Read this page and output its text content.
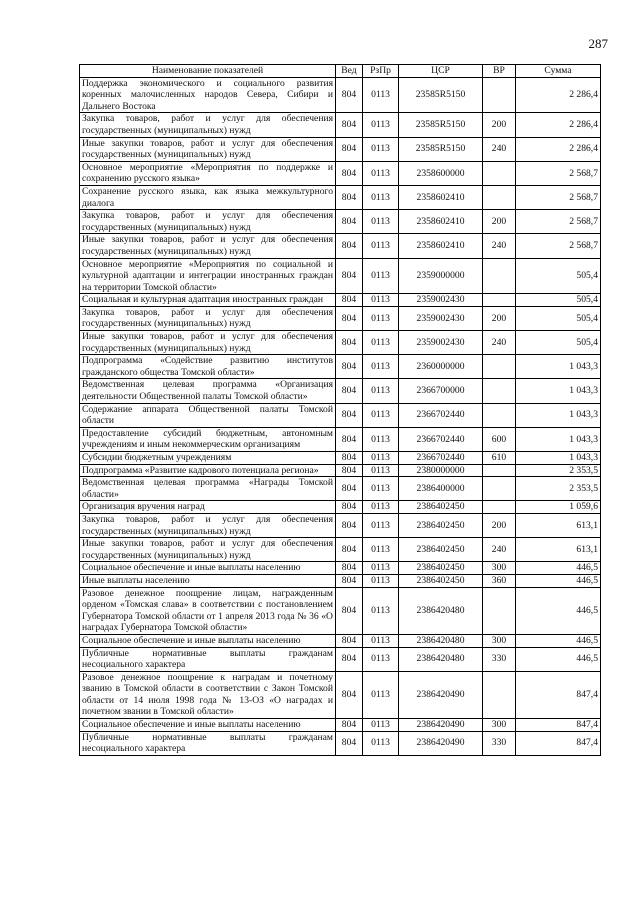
287
Наименование показателей	Вед	РзПр	ЦСР	ВР	Сумма
Поддержка экономического и социального развития коренных малочисленных народов Севера, Сибири и Дальнего Востока	804	0113	23585R5150		2 286,4
Закупка товаров, работ и услуг для обеспечения государственных (муниципальных) нужд	804	0113	23585R5150	200	2 286,4
Иные закупки товаров, работ и услуг для обеспечения государственных (муниципальных) нужд	804	0113	23585R5150	240	2 286,4
Основное мероприятие «Мероприятия по поддержке и сохранению русского языка»	804	0113	2358600000		2 568,7
Сохранение русского языка, как языка межкультурного диалога	804	0113	2358602410		2 568,7
Закупка товаров, работ и услуг для обеспечения государственных (муниципальных) нужд	804	0113	2358602410	200	2 568,7
Иные закупки товаров, работ и услуг для обеспечения государственных (муниципальных) нужд	804	0113	2358602410	240	2 568,7
Основное мероприятие «Мероприятия по социальной и культурной адаптации и интеграции иностранных граждан на территории Томской области»	804	0113	2359000000		505,4
Социальная и культурная адаптация иностранных граждан	804	0113	2359002430		505,4
Закупка товаров, работ и услуг для обеспечения государственных (муниципальных) нужд	804	0113	2359002430	200	505,4
Иные закупки товаров, работ и услуг для обеспечения государственных (муниципальных) нужд	804	0113	2359002430	240	505,4
Подпрограмма «Содействие развитию институтов гражданского общества Томской области»	804	0113	2360000000		1 043,3
Ведомственная целевая программа «Организация деятельности Общественной палаты Томской области»	804	0113	2366700000		1 043,3
Содержание аппарата Общественной палаты Томской области	804	0113	2366702440		1 043,3
Предоставление субсидий бюджетным, автономным учреждениям и иным некоммерческим организациям	804	0113	2366702440	600	1 043,3
Субсидии бюджетным учреждениям	804	0113	2366702440	610	1 043,3
Подпрограмма «Развитие кадрового потенциала региона»	804	0113	2380000000		2 353,5
Ведомственная целевая программа «Награды Томской области»	804	0113	2386400000		2 353,5
Организация вручения наград	804	0113	2386402450		1 059,6
Закупка товаров, работ и услуг для обеспечения государственных (муниципальных) нужд	804	0113	2386402450	200	613,1
Иные закупки товаров, работ и услуг для обеспечения государственных (муниципальных) нужд	804	0113	2386402450	240	613,1
Социальное обеспечение и иные выплаты населению	804	0113	2386402450	300	446,5
Иные выплаты населению	804	0113	2386402450	360	446,5
Разовое денежное поощрение лицам, награжденным орденом «Томская слава» в соответствии с постановлением Губернатора Томской области от 1 апреля 2013 года № 36 «О наградах Губернатора Томской области»	804	0113	2386420480		446,5
Социальное обеспечение и иные выплаты населению	804	0113	2386420480	300	446,5
Публичные нормативные выплаты гражданам несоциального характера	804	0113	2386420480	330	446,5
Разовое денежное поощрение к наградам и почетному званию в Томской области в соответствии с Закон Томской области от 14 июля 1998 года № 13-ОЗ «О наградах и почетном звании в Томской области»	804	0113	2386420490		847,4
Социальное обеспечение и иные выплаты населению	804	0113	2386420490	300	847,4
Публичные нормативные выплаты гражданам несоциального характера	804	0113	2386420490	330	847,4
